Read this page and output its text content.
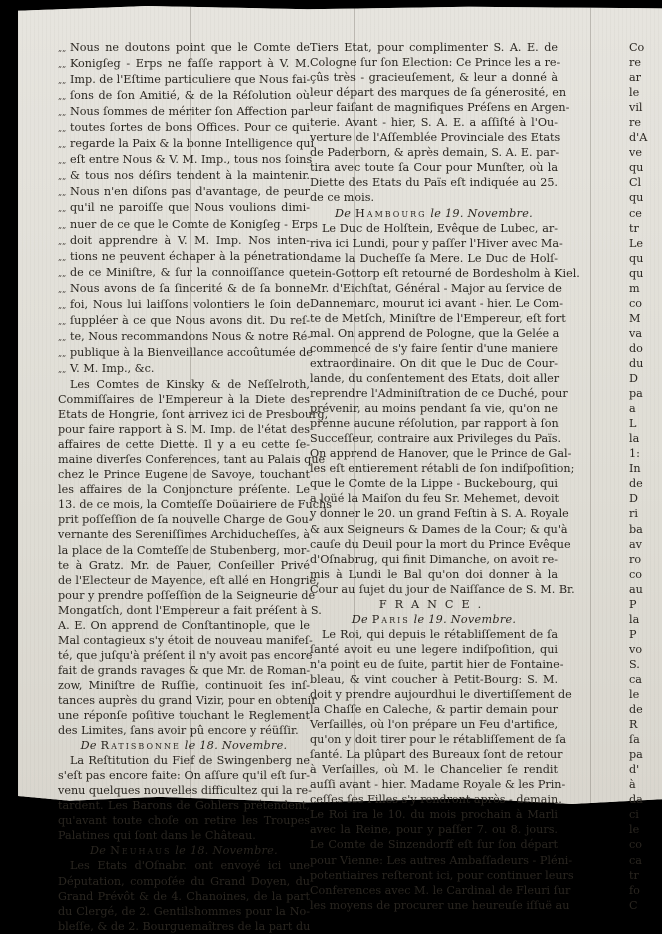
„„ Nous ne doutons point que le Comte de
„„ Konigſeg - Erps ne faſſe rapport à V. M.
„„ Imp. de l'Eſtime particuliere que Nous fai-
„„ ſons de ſon Amitié, & de la Réſolution où
„„ Nous ſommes de mériter ſon Affection par
„„ toutes ſortes de bons Offices. Pour ce qui
„„ regarde la Paix & la bonne Intelligence qui
„„ eſt entre Nous & V. M. Imp., tous nos ſoins
„„ & tous nos déſirs tendent à la maintenir.
„„ Nous n'en diſons pas d'avantage, de peur
„„ qu'il ne paroiſſe que Nous voulions dimi-
„„ nuer de ce que le Comte de Konigſeg - Erps
„„ doit apprendre à V. M. Imp. Nos inten-
„„ tions ne peuvent échaper à la pénetration
„„ de ce Miniſtre, & ſur la connoiſſance que
„„ Nous avons de ſa ſincerité & de ſa bonne
„„ foi, Nous lui laiſſons volontiers le ſoin de
„„ ſuppléer à ce que Nous avons dit. Du reſ-
„„ te, Nous recommandons Nous & notre Ré-
„„ publique à la Bienveillance accoûtumée de
„„ V. M. Imp., &c.
Les Comtes de Kinsky & de Neſſelroth,
Commiſſaires de l'Empereur à la Diete des
Etats de Hongrie, ſont arrivez ici de Presbourg,
pour faire rapport à S. M. Imp. de l'état des
affaires de cette Diette. Il y a eu cette ſe-
maine diverſes Conferences, tant au Palais que
chez le Prince Eugene de Savoye, touchant
les affaires de la Conjoncture préſente. Le
13. de ce mois, la Comteſſe Doüairiere de Fuchs
prit poſſeſſion de ſa nouvelle Charge de Gou-
vernante des Sereniſſimes Archiducheſſes, à
la place de la Comteſſe de Stubenberg, mor-
te à Gratz. Mr. de Pauer, Conſeiller Privé
de l'Electeur de Mayence, eſt allé en Hongrie,
pour y prendre poſſeſſion de la Seigneurie de
Mongatſch, dont l'Empereur a fait préſent à S.
A. E. On apprend de Conſtantinople, que le
Mal contagieux s'y étoit de nouveau manifeſ-
té, que juſqu'à préſent il n'y avoit pas encore
fait de grands ravages & que Mr. de Roman-
zow, Miniſtre de Ruſſie, continuoit ſes inſ-
tances auprès du grand Vizir, pour en obtenir
une réponſe poſitive touchant le Reglement
des Limites, ſans avoir pû encore y réüſſir.
De Ratisbonne le 18. Novembre.
La Reſtitution du Fief de Swingenberg ne
s'eſt pas encore faite: On aſſure qu'il eſt ſur-
venu quelques nouvelles difficultez qui la re-
tardent. Les Barons de Gohlers prétendent,
qu'avant toute choſe on retire les Troupes
Palatines qui ſont dans le Château.
De Neuhaus le 18. Novembre.
Les Etats d'Oſnabr. ont envoyé ici une
Députation, compoſée du Grand Doyen, du
Grand Prévôt & de 4. Chanoines, de la part
du Clergé, de 2. Gentilshommes pour la No-
bleſſe, & de 2. Bourguemaîtres de la part du
Tiers Etat, pour complimenter S. A. E. de
Cologne ſur ſon Election: Ce Prince les a re-
çûs très - gracieuſement, & leur a donné à
leur départ des marques de ſa génerosité, en
leur faiſant de magnifiques Préſens en Argen-
terie. Avant - hier, S. A. E. a aſſiſté à l'Ou-
verture de l'Aſſemblée Provinciale des Etats
de Paderborn, & après demain, S. A. E. par-
tira avec toute ſa Cour pour Munſter, où la
Diette des Etats du Païs eſt indiquée au 25.
de ce mois.
De Hambourg le 19. Novembre.
Le Duc de Holſtein, Evêque de Lubec, ar-
riva ici Lundi, pour y paſſer l'Hiver avec Ma-
dame la Ducheſſe ſa Mere. Le Duc de Holſ-
tein-Gottorp eſt retourné de Bordesholm à Kiel.
Mr. d'Eichſtat, Général - Major au ſervice de
Dannemarc, mourut ici avant - hier. Le Com-
te de Metſch, Miniſtre de l'Empereur, eſt fort
mal. On apprend de Pologne, que la Gelée a
commencé de s'y faire ſentir d'une maniere
extraordinaire. On dit que le Duc de Cour-
lande, du conſentement des Etats, doit aller
reprendre l'Adminiſtration de ce Duché, pour
prévenir, au moins pendant ſa vie, qu'on ne
prenne aucune réſolution, par rapport à ſon
Succeſſeur, contraire aux Privileges du Païs.
On apprend de Hanover, que le Prince de Gal-
les eſt entierement rétabli de ſon indiſpoſition;
que le Comte de la Lippe - Buckebourg, qui
a loüé la Maiſon du feu Sr. Mehemet, devoit
y donner le 20. un grand Feſtin à S. A. Royale
& aux Seigneurs & Dames de la Cour; & qu'à
cauſe du Deuil pour la mort du Prince Evêque
d'Oſnabrug, qui finit Dimanche, on avoit re-
mis à Lundi le Bal qu'on doi donner à la
Cour au ſujet du jour de Naiſſance de S. M. Br.
FRANCE.
De Paris le 19. Novembre.
Le Roi, qui depuis le rétabliſſement de ſa
ſanté avoit eu une legere indiſpoſition, qui
n'a point eu de ſuite, partit hier de Fontaine-
bleau, & vint coucher à Petit-Bourg: S. M.
doit y prendre aujourdhui le divertiſſement de
la Chaſſe en Caleche, & partir demain pour
Verſailles, où l'on prépare un Feu d'artifice,
qu'on y doit tirer pour le rétabliſſement de ſa
ſanté. La plûpart des Bureaux ſont de retour
à Verſailles, où M. le Chancelier ſe rendit
auſſi avant - hier. Madame Royale & les Prin-
ceſſes ſes Filles s'y rendront après - demain.
Le Roi ira le 10. du mois prochain à Marli
avec la Reine, pour y paſſer 7. ou 8. jours.
Le Comte de Sinzendorff eſt ſur ſon départ
pour Vienne: Les autres Ambaſſadeurs - Pléni-
potentiaires reſteront ici, pour continuer leurs
Conferences avec M. le Cardinal de Fleuri ſur
les moyens de procurer une heureuſe iſſuë au
Co
re
ar
le
vil
re
d'A
ve
qu
Cl
qu
ce
tr
Le
qu
qu
m
co
M
va
do
du
D
pa
a
L
la
1:
In
de
D
ri
ba
av
ro
co
au
P
la
P
vo
S.
ca
le
de
R
ſa
pa
d'
à
da
ci
le
co
ca
tr
fo
C
